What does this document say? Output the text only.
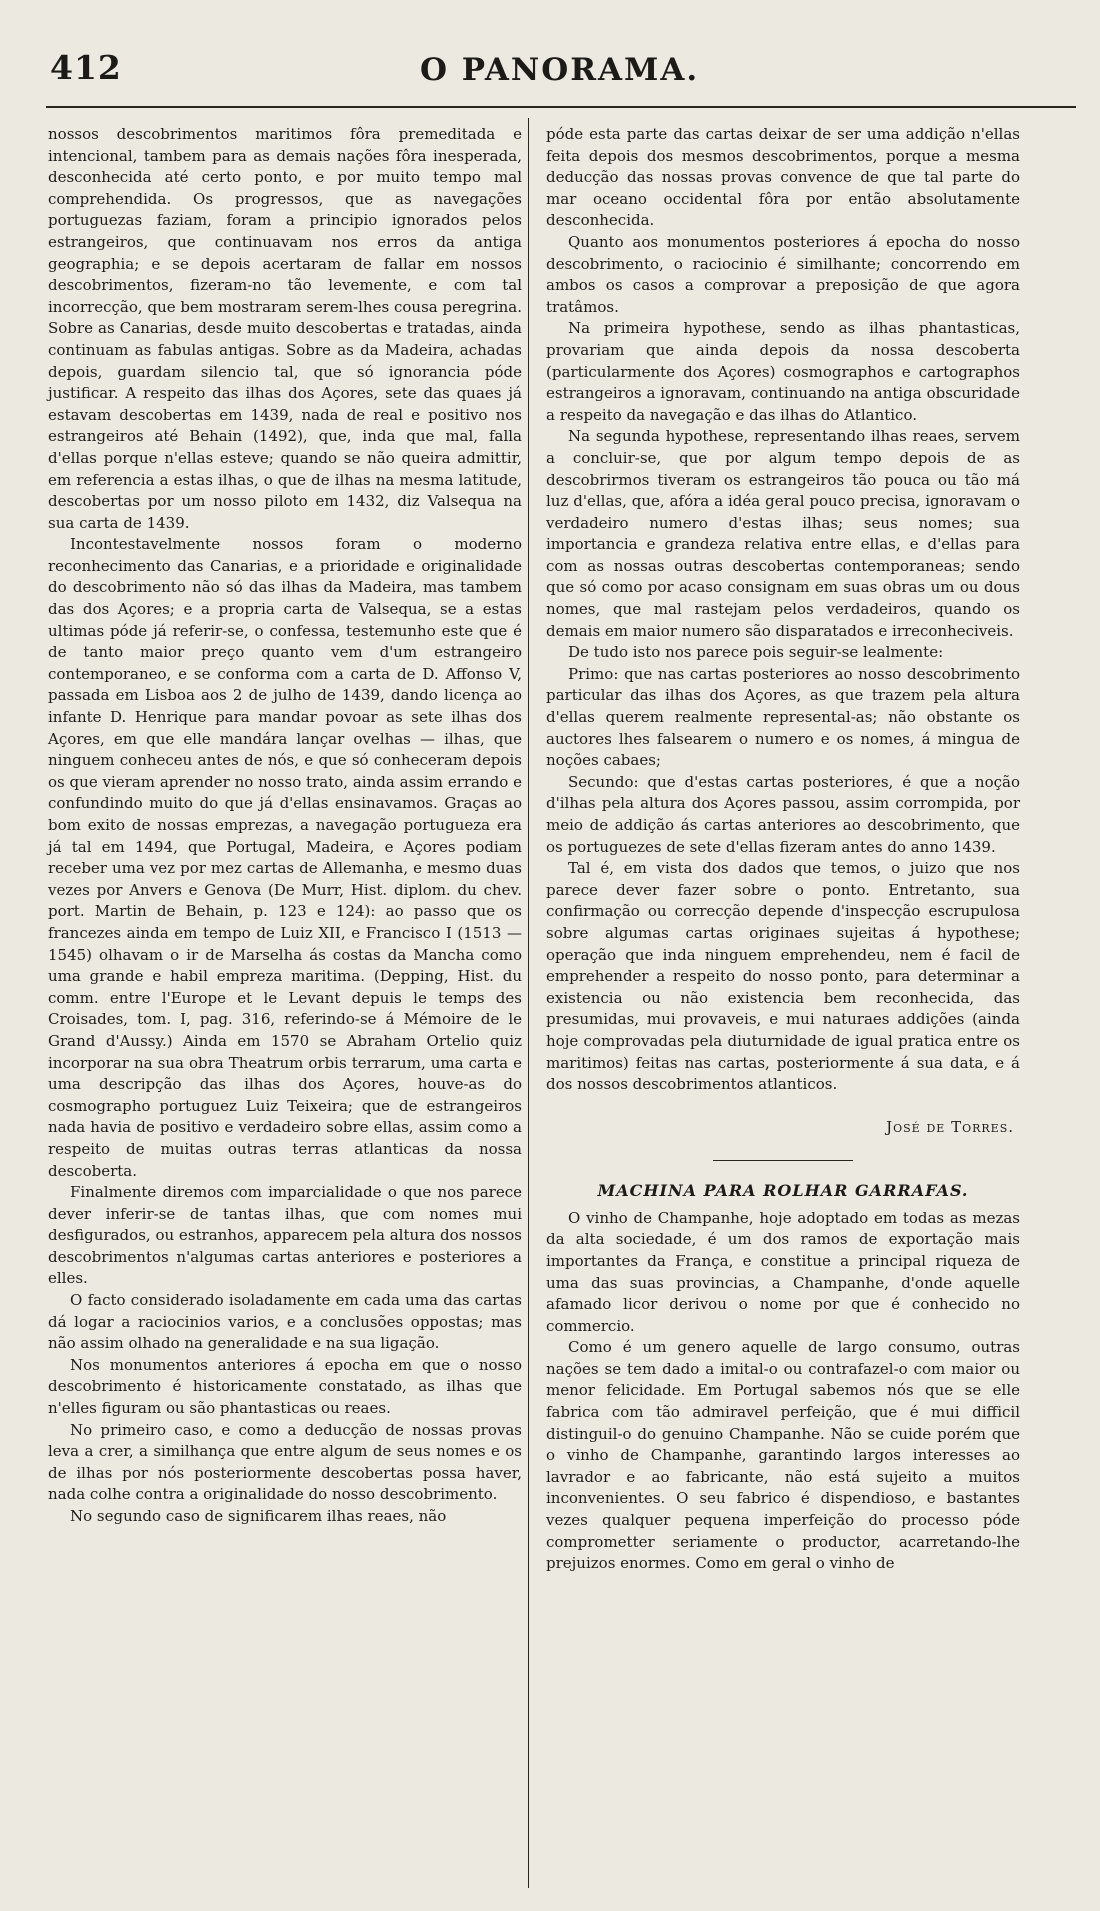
412	O PANORAMA.

nossos descobrimentos maritimos fôra premeditada e intencional, tambem para as demais nações fôra inesperada, desconhecida até certo ponto, e por muito tempo mal comprehendida. Os progressos, que as navegações portuguezas faziam, foram a principio ignorados pelos estrangeiros, que continuavam nos erros da antiga geographia; e se depois acertaram de fallar em nossos descobrimentos, fizeram-no tão levemente, e com tal incorrecção, que bem mostraram serem-lhes cousa peregrina. Sobre as Canarias, desde muito descobertas e tratadas, ainda continuam as fabulas antigas. Sobre as da Madeira, achadas depois, guardam silencio tal, que só ignorancia póde justificar. A respeito das ilhas dos Açores, sete das quaes já estavam descobertas em 1439, nada de real e positivo nos estrangeiros até Behain (1492), que, inda que mal, falla d'ellas porque n'ellas esteve; quando se não queira admittir, em referencia a estas ilhas, o que de ilhas na mesma latitude, descobertas por um nosso piloto em 1432, diz Valsequa na sua carta de 1439.

Incontestavelmente nossos foram o moderno reconhecimento das Canarias, e a prioridade e originalidade do descobrimento não só das ilhas da Madeira, mas tambem das dos Açores; e a propria carta de Valsequa, se a estas ultimas póde já referir-se, o confessa, testemunho este que é de tanto maior preço quanto vem d'um estrangeiro contemporaneo, e se conforma com a carta de D. Affonso V, passada em Lisboa aos 2 de julho de 1439, dando licença ao infante D. Henrique para mandar povoar as sete ilhas dos Açores, em que elle mandára lançar ovelhas — ilhas, que ninguem conheceu antes de nós, e que só conheceram depois os que vieram aprender no nosso trato, ainda assim errando e confundindo muito do que já d'ellas ensinavamos. Graças ao bom exito de nossas emprezas, a navegação portugueza era já tal em 1494, que Portugal, Madeira, e Açores podiam receber uma vez por mez cartas de Allemanha, e mesmo duas vezes por Anvers e Genova (De Murr, Hist. diplom. du chev. port. Martin de Behain, p. 123 e 124): ao passo que os francezes ainda em tempo de Luiz XII, e Francisco I (1513 — 1545) olhavam o ir de Marselha ás costas da Mancha como uma grande e habil empreza maritima. (Depping, Hist. du comm. entre l'Europe et le Levant depuis le temps des Croisades, tom. I, pag. 316, referindo-se á Mémoire de le Grand d'Aussy.) Ainda em 1570 se Abraham Ortelio quiz incorporar na sua obra Theatrum orbis terrarum, uma carta e uma descripção das ilhas dos Açores, houve-as do cosmographo portuguez Luiz Teixeira; que de estrangeiros nada havia de positivo e verdadeiro sobre ellas, assim como a respeito de muitas outras terras atlanticas da nossa descoberta.

Finalmente diremos com imparcialidade o que nos parece dever inferir-se de tantas ilhas, que com nomes mui desfigurados, ou estranhos, apparecem pela altura dos nossos descobrimentos n'algumas cartas anteriores e posteriores a elles.

O facto considerado isoladamente em cada uma das cartas dá logar a raciocinios varios, e a conclusões oppostas; mas não assim olhado na generalidade e na sua ligação.

Nos monumentos anteriores á epocha em que o nosso descobrimento é historicamente constatado, as ilhas que n'elles figuram ou são phantasticas ou reaes.

No primeiro caso, e como a deducção de nossas provas leva a crer, a similhança que entre algum de seus nomes e os de ilhas por nós posteriormente descobertas possa haver, nada colhe contra a originalidade do nosso descobrimento.

No segundo caso de significarem ilhas reaes, não

póde esta parte das cartas deixar de ser uma addição n'ellas feita depois dos mesmos descobrimentos, porque a mesma deducção das nossas provas convence de que tal parte do mar oceano occidental fôra por então absolutamente desconhecida.

Quanto aos monumentos posteriores á epocha do nosso descobrimento, o raciocinio é similhante; concorrendo em ambos os casos a comprovar a preposição de que agora tratâmos.

Na primeira hypothese, sendo as ilhas phantasticas, provariam que ainda depois da nossa descoberta (particularmente dos Açores) cosmographos e cartographos estrangeiros a ignoravam, continuando na antiga obscuridade a respeito da navegação e das ilhas do Atlantico.

Na segunda hypothese, representando ilhas reaes, servem a concluir-se, que por algum tempo depois de as descobrirmos tiveram os estrangeiros tão pouca ou tão má luz d'ellas, que, afóra a idéa geral pouco precisa, ignoravam o verdadeiro numero d'estas ilhas; seus nomes; sua importancia e grandeza relativa entre ellas, e d'ellas para com as nossas outras descobertas contemporaneas; sendo que só como por acaso consignam em suas obras um ou dous nomes, que mal rastejam pelos verdadeiros, quando os demais em maior numero são disparatados e irreconheciveis.

De tudo isto nos parece pois seguir-se lealmente:

Primo: que nas cartas posteriores ao nosso descobrimento particular das ilhas dos Açores, as que trazem pela altura d'ellas querem realmente represental-as; não obstante os auctores lhes falsearem o numero e os nomes, á mingua de noções cabaes;

Secundo: que d'estas cartas posteriores, é que a noção d'ilhas pela altura dos Açores passou, assim corrompida, por meio de addição ás cartas anteriores ao descobrimento, que os portuguezes de sete d'ellas fizeram antes do anno 1439.

Tal é, em vista dos dados que temos, o juizo que nos parece dever fazer sobre o ponto. Entretanto, sua confirmação ou correcção depende d'inspecção escrupulosa sobre algumas cartas originaes sujeitas á hypothese; operação que inda ninguem emprehendeu, nem é facil de emprehender a respeito do nosso ponto, para determinar a existencia ou não existencia bem reconhecida, das presumidas, mui provaveis, e mui naturaes addições (ainda hoje comprovadas pela diuturnidade de igual pratica entre os maritimos) feitas nas cartas, posteriormente á sua data, e á dos nossos descobrimentos atlanticos.

José de Torres.
MACHINA PARA ROLHAR GARRAFAS.

O vinho de Champanhe, hoje adoptado em todas as mezas da alta sociedade, é um dos ramos de exportação mais importantes da França, e constitue a principal riqueza de uma das suas provincias, a Champanhe, d'onde aquelle afamado licor derivou o nome por que é conhecido no commercio.

Como é um genero aquelle de largo consumo, outras nações se tem dado a imital-o ou contrafazel-o com maior ou menor felicidade. Em Portugal sabemos nós que se elle fabrica com tão admiravel perfeição, que é mui difficil distinguil-o do genuino Champanhe. Não se cuide porém que o vinho de Champanhe, garantindo largos interesses ao lavrador e ao fabricante, não está sujeito a muitos inconvenientes. O seu fabrico é dispendioso, e bastantes vezes qualquer pequena imperfeição do processo póde comprometter seriamente o productor, acarretando-lhe prejuizos enormes. Como em geral o vinho de
